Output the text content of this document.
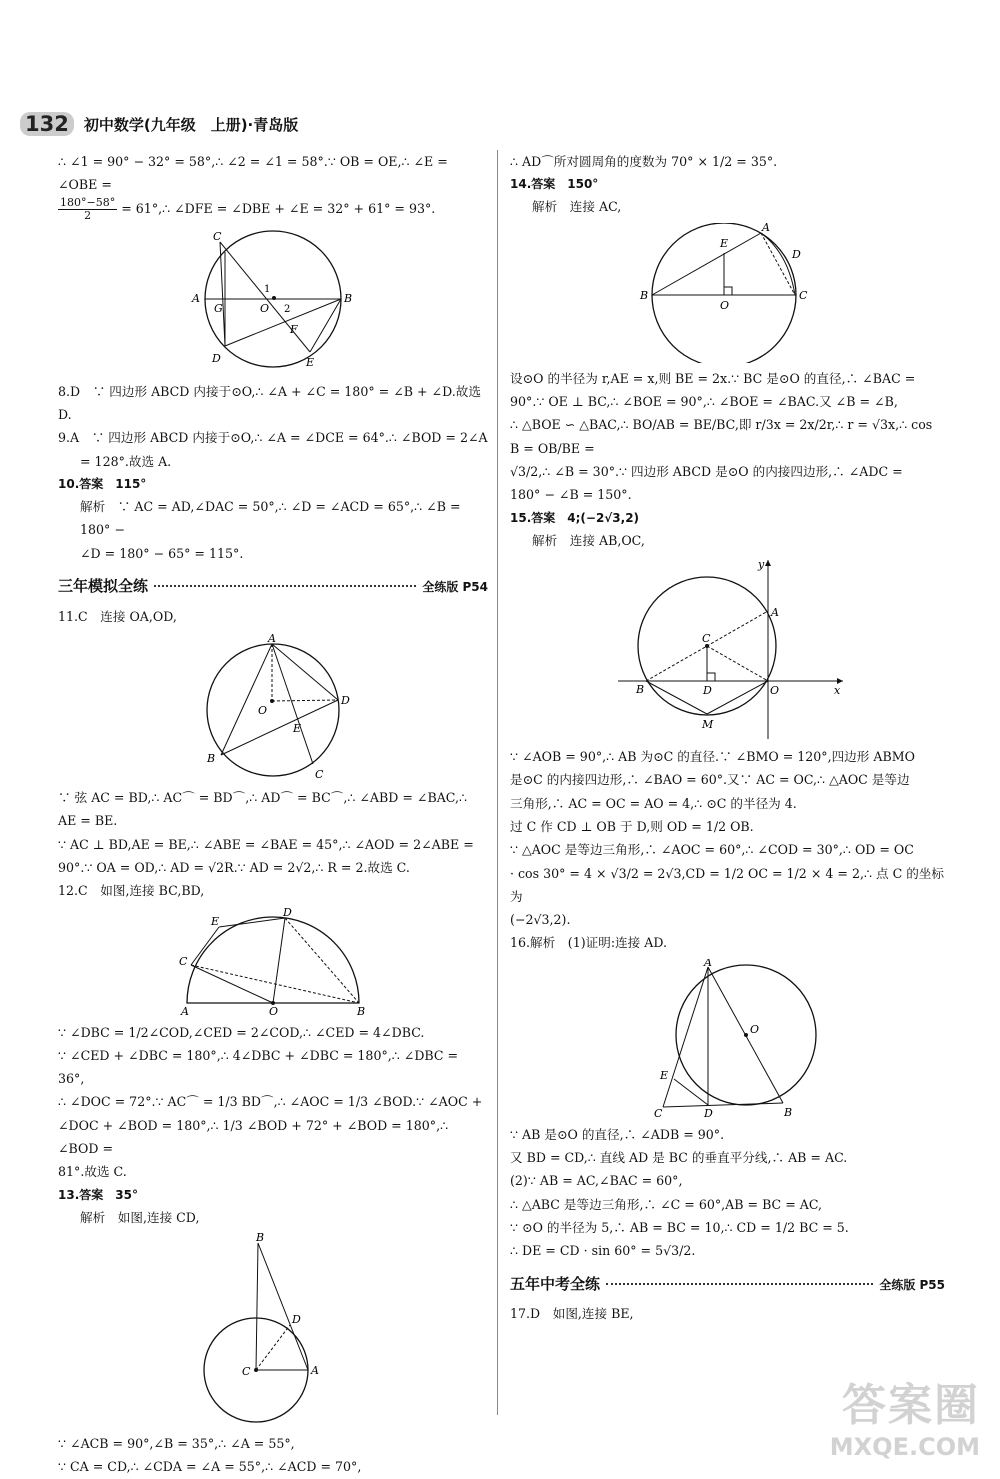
132	初中数学(九年级　上册)·青岛版

∴ ∠1 = 90° − 32° = 58°,∴ ∠2 = ∠1 = 58°.∵ OB = OE,∴ ∠E = ∠OBE =

$\frac{180^\circ-58^\circ}{2}$ = 61°,∴ ∠DFE = ∠DBE + ∠E = 32° + 61° = 93°.

C
A
G	O
1
2
F
B
D	E

8.D　∵ 四边形 ABCD 内接于⊙O,∴ ∠A + ∠C = 180° = ∠B + ∠D.故选 D.

9.A　∵ 四边形 ABCD 内接于⊙O,∴ ∠A = ∠DCE = 64°.∴ ∠BOD = 2∠A

= 128°.故选 A.

10.答案　115°

解析　∵ AC = AD,∠DAC = 50°,∴ ∠D = ∠ACD = 65°,∴ ∠B = 180° −

∠D = 180° − 65° = 115°.

三年模拟全练	全练版 P54

11.C　连接 OA,OD,

A
O
D
E
B
C

∵ 弦 AC = BD,∴ AC⌒ = BD⌒,∴ AD⌒ = BC⌒,∴ ∠ABD = ∠BAC,∴ AE = BE.

∵ AC ⊥ BD,AE = BE,∴ ∠ABE = ∠BAE = 45°,∴ ∠AOD = 2∠ABE =

90°.∵ OA = OD,∴ AD = √2R.∵ AD = 2√2,∴ R = 2.故选 C.

12.C　如图,连接 BC,BD,

D
E
C
A	O	B

∵ ∠DBC = 1/2∠COD,∠CED = 2∠COD,∴ ∠CED = 4∠DBC.

∵ ∠CED + ∠DBC = 180°,∴ 4∠DBC + ∠DBC = 180°,∴ ∠DBC = 36°,

∴ ∠DOC = 72°.∵ AC⌒ = 1/3 BD⌒,∴ ∠AOC = 1/3 ∠BOD.∵ ∠AOC +

∠DOC + ∠BOD = 180°,∴ 1/3 ∠BOD + 72° + ∠BOD = 180°,∴ ∠BOD =

81°.故选 C.

13.答案　35°

解析　如图,连接 CD,

B
D
C	A

∵ ∠ACB = 90°,∠B = 35°,∴ ∠A = 55°,

∵ CA = CD,∴ ∠CDA = ∠A = 55°,∴ ∠ACD = 70°,

∴ AD⌒所对圆周角的度数为 70° × 1/2 = 35°.

14.答案　150°

解析　连接 AC,

A
E
D
B
O
C

设⊙O 的半径为 r,AE = x,则 BE = 2x.∵ BC 是⊙O 的直径,∴ ∠BAC =

90°.∵ OE ⊥ BC,∴ ∠BOE = 90°,∴ ∠BOE = ∠BAC.又 ∠B = ∠B,

∴ △BOE ∽ △BAC,∴ BO/AB = BE/BC,即 r/3x = 2x/2r,∴ r = √3x,∴ cos B = OB/BE =

√3/2,∴ ∠B = 30°.∵ 四边形 ABCD 是⊙O 的内接四边形,∴ ∠ADC =

180° − ∠B = 150°.

15.答案　4;(−2√3,2)

解析　连接 AB,OC,

y
A
C
B	D	O	x
M

∵ ∠AOB = 90°,∴ AB 为⊙C 的直径.∵ ∠BMO = 120°,四边形 ABMO

是⊙C 的内接四边形,∴ ∠BAO = 60°.又∵ AC = OC,∴ △AOC 是等边

三角形,∴ AC = OC = AO = 4,∴ ⊙C 的半径为 4.

过 C 作 CD ⊥ OB 于 D,则 OD = 1/2 OB.

∵ △AOC 是等边三角形,∴ ∠AOC = 60°,∴ ∠COD = 30°,∴ OD = OC

· cos 30° = 4 × √3/2 = 2√3,CD = 1/2 OC = 1/2 × 4 = 2,∴ 点 C 的坐标为

(−2√3,2).

16.解析　(1)证明:连接 AD.

A
O
E
C	D	B

∵ AB 是⊙O 的直径,∴ ∠ADB = 90°.

又 BD = CD,∴ 直线 AD 是 BC 的垂直平分线,∴ AB = AC.

(2)∵ AB = AC,∠BAC = 60°,

∴ △ABC 是等边三角形,∴ ∠C = 60°,AB = BC = AC,

∵ ⊙O 的半径为 5,∴ AB = BC = 10,∴ CD = 1/2 BC = 5.

∴ DE = CD · sin 60° = 5√3/2.

五年中考全练	全练版 P55

17.D　如图,连接 BE,

答案圈
MXQE.COM
